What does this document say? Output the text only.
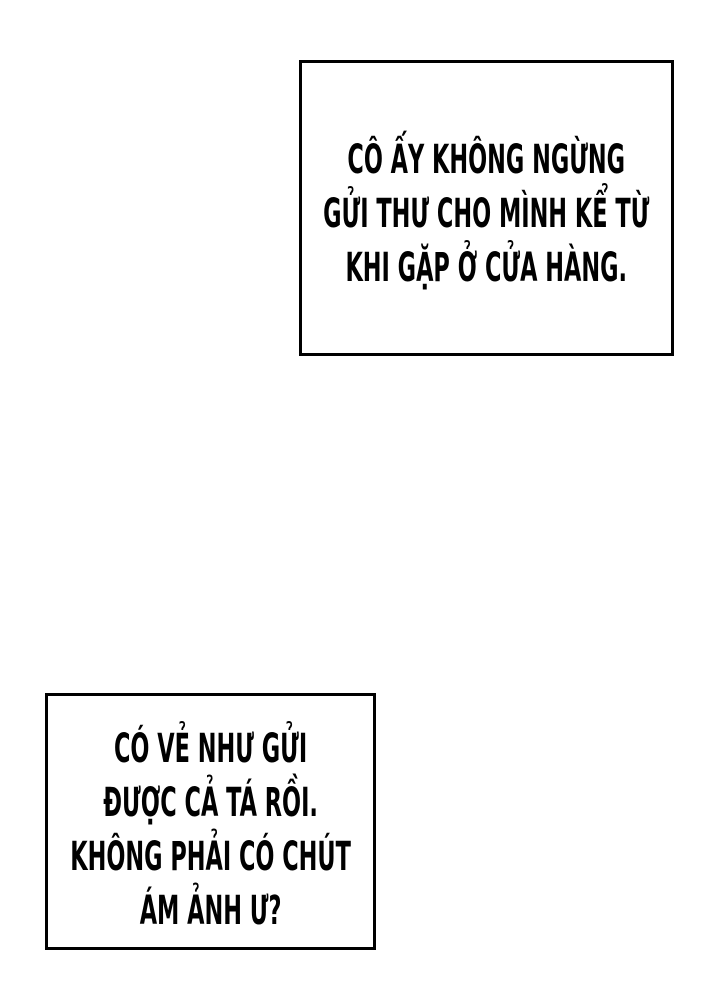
CÔ ẤY KHÔNG NGỪNG
GỬI THƯ CHO MÌNH KỂ TỪ
KHI GẶP Ở CỬA HÀNG.
CÓ VẺ NHƯ GỬI
ĐƯỢC CẢ TÁ RỒI.
KHÔNG PHẢI CÓ CHÚT
ÁM ẢNH Ư?
